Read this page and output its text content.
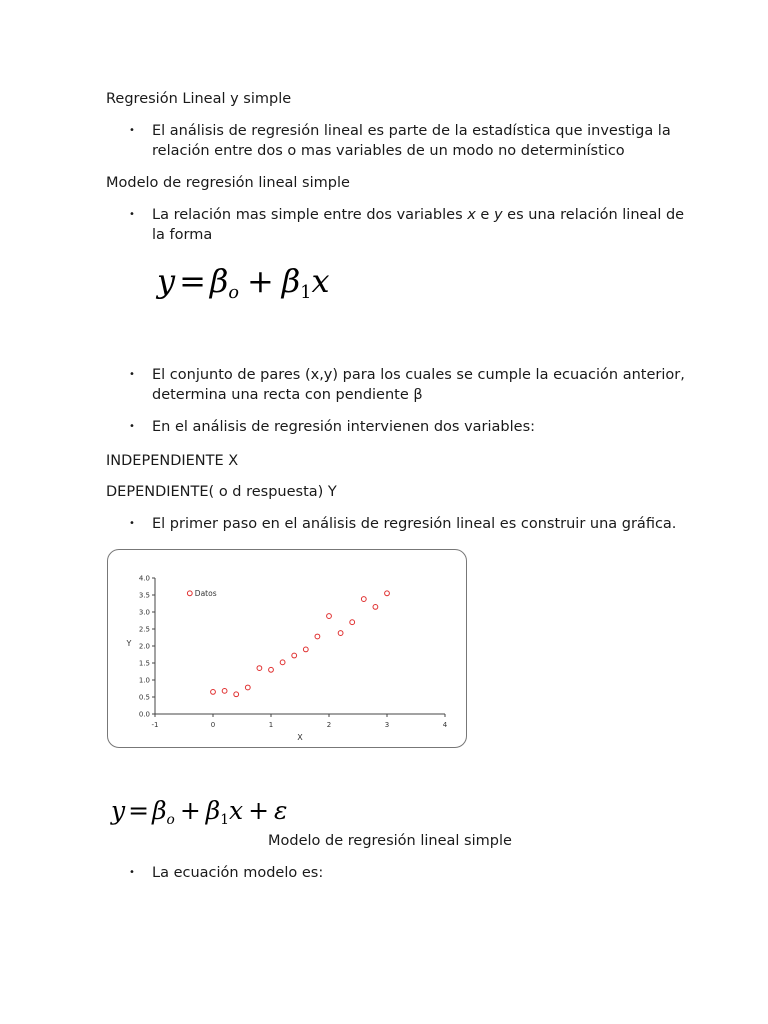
Regresión Lineal y simple
• El análisis de regresión lineal es parte de la estadística que investiga la
relación entre dos o mas variables de un modo no determinístico
Modelo de regresión lineal simple
• La relación mas simple entre dos variables x e y es una relación lineal de
la forma
$y = \beta_o + \beta_1x$
• El conjunto de pares (x,y) para los cuales se cumple la ecuación anterior,
determina una recta con pendiente β
• En el análisis de regresión intervienen dos variables:
INDEPENDIENTE X
DEPENDIENTE( o d respuesta) Y
• El primer paso en el análisis de regresión lineal es construir una gráfica.
0.0
0.5
1.0
1.5
2.0
2.5
3.0
3.5
4.0
-1	0	1	2	3	4
X
Y
Datos
$y = \beta_o + \beta_1x + \varepsilon$
Modelo de regresión lineal simple
• La ecuación modelo es:
